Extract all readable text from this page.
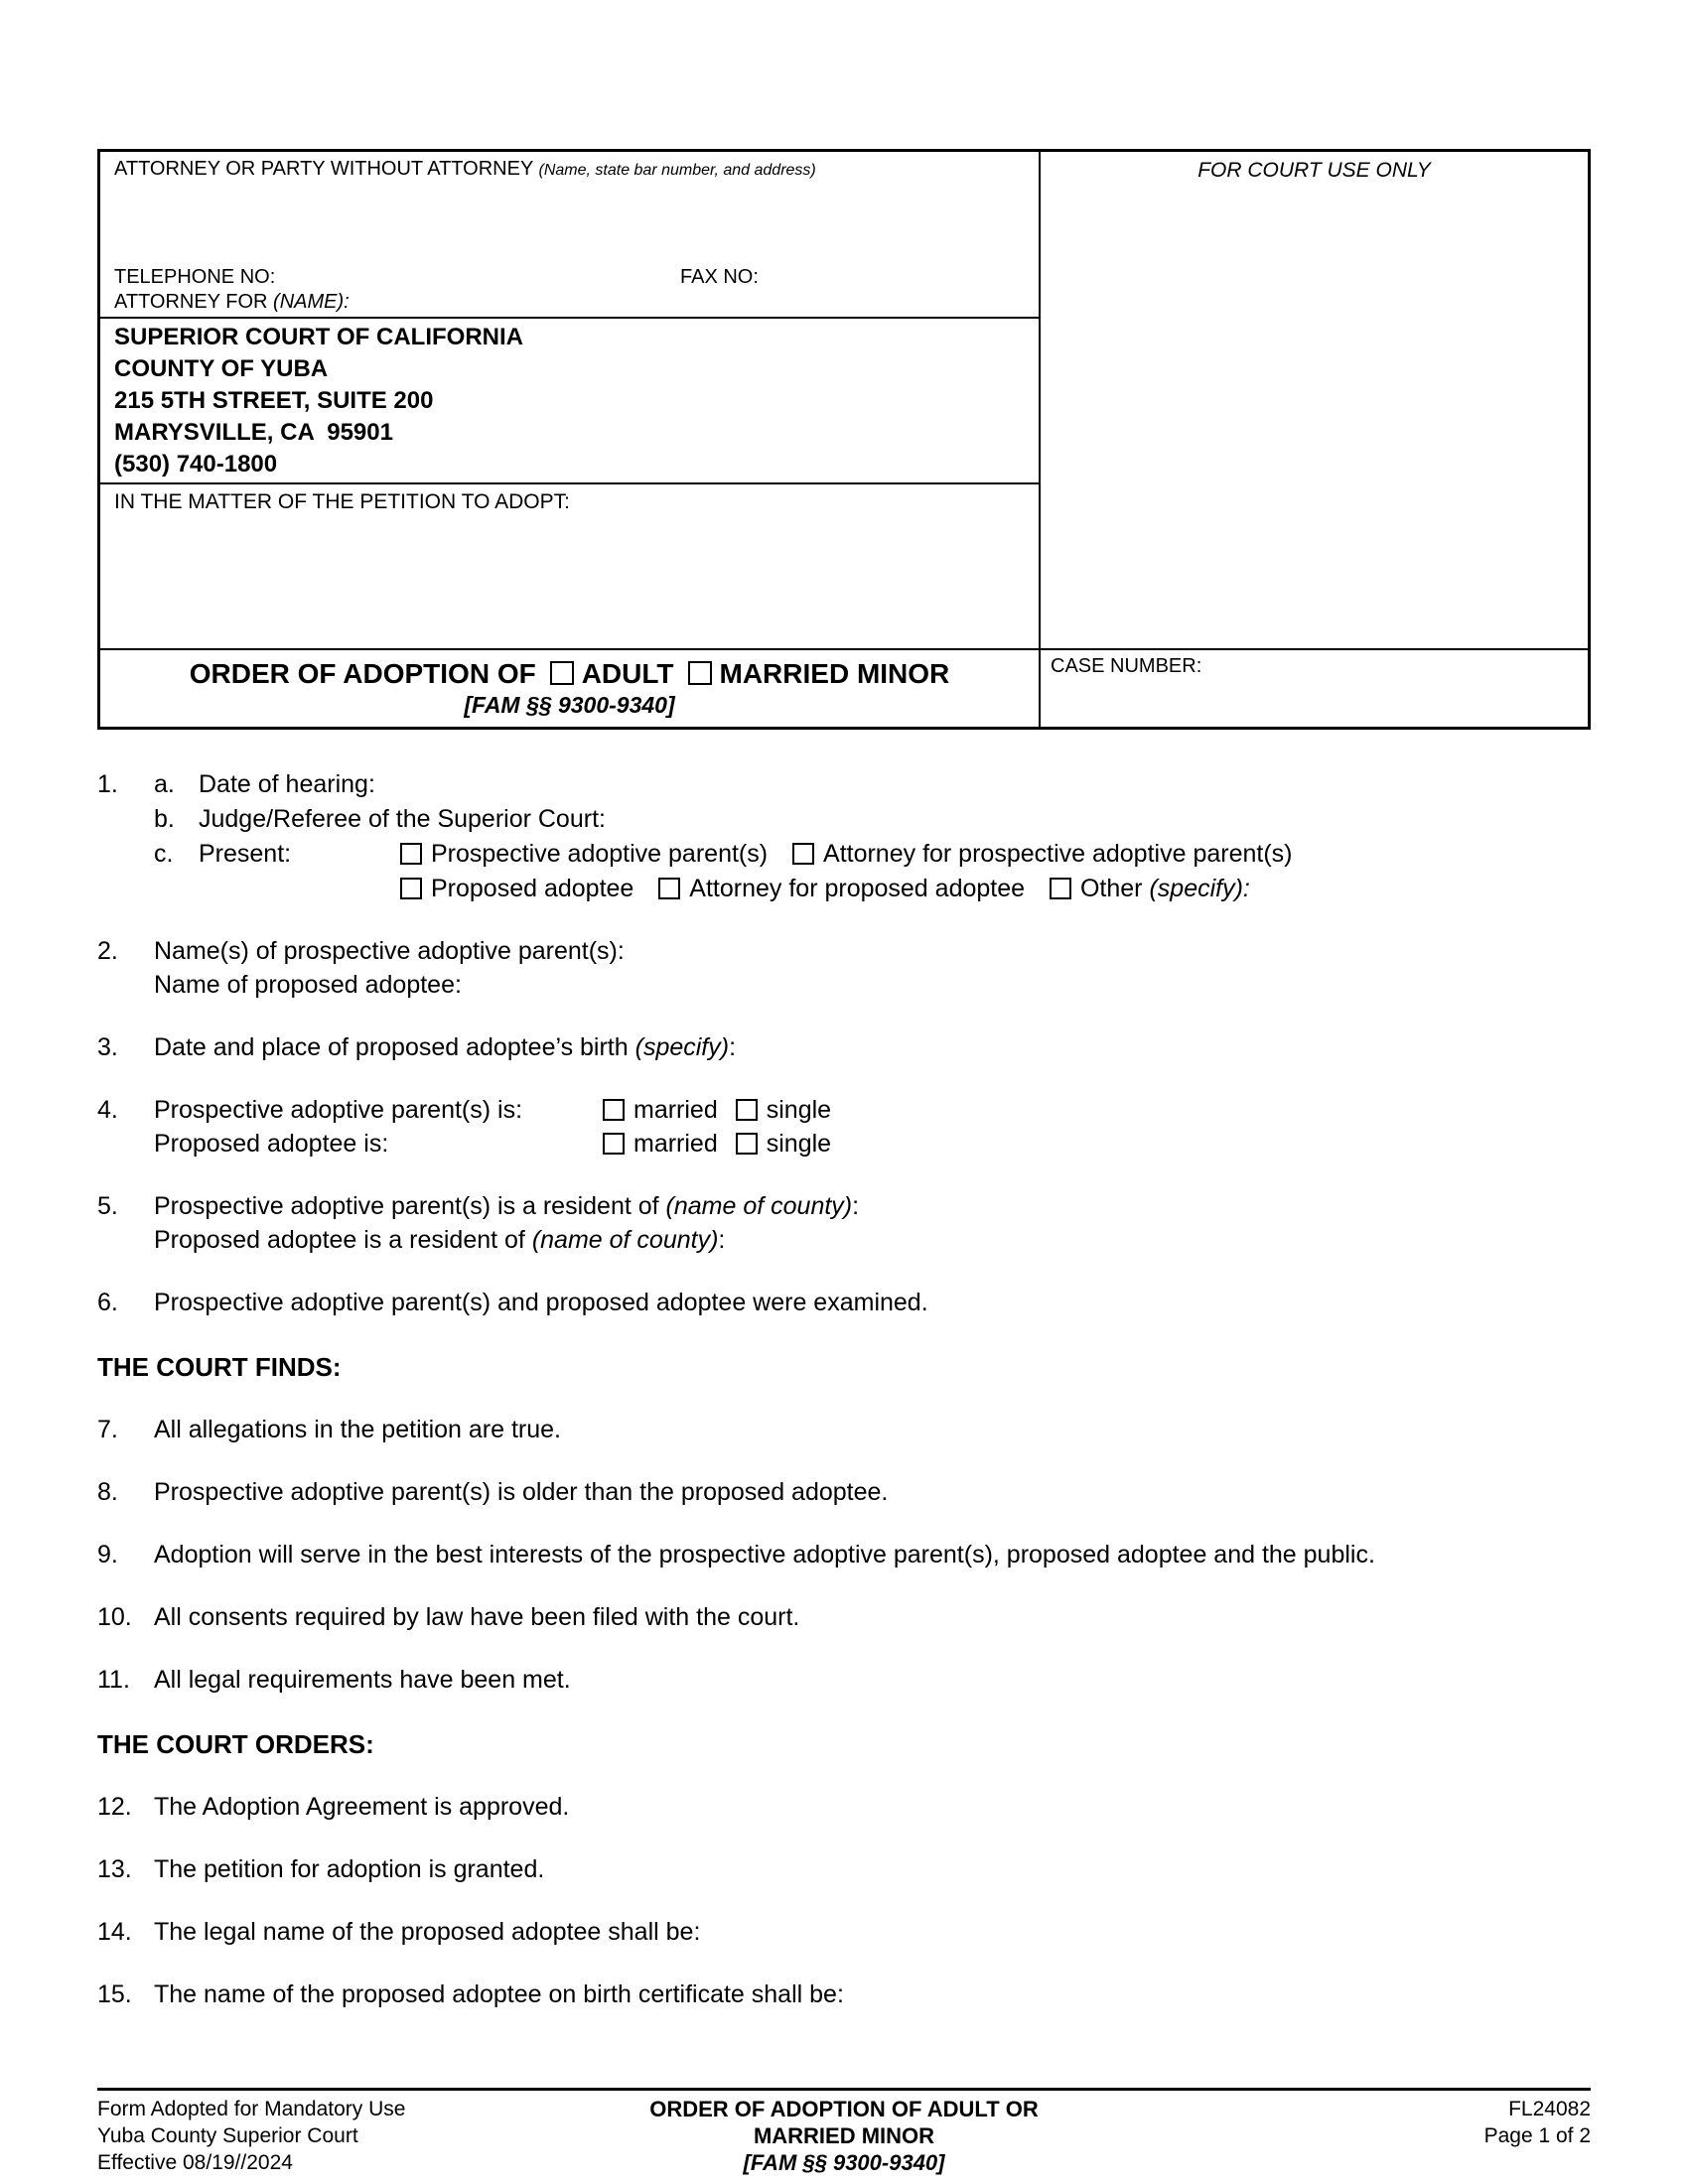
ATTORNEY OR PARTY WITHOUT ATTORNEY (Name, state bar number, and address)
TELEPHONE NO:	FAX NO:
ATTORNEY FOR (NAME):
SUPERIOR COURT OF CALIFORNIA
COUNTY OF YUBA
215 5TH STREET, SUITE 200
MARYSVILLE, CA  95901
(530) 740-1800
IN THE MATTER OF THE PETITION TO ADOPT:
ORDER OF ADOPTION OF ADULT MARRIED MINOR
[FAM §§ 9300-9340]
FOR COURT USE ONLY
CASE NUMBER:
1.	a. Date of hearing:
b. Judge/Referee of the Superior Court:
c.	Present:	Prospective adoptive parent(s) Attorney for prospective adoptive parent(s)
Proposed adoptee Attorney for proposed adoptee Other (specify):
2.	Name(s) of prospective adoptive parent(s):
Name of proposed adoptee:
3.	Date and place of proposed adoptee’s birth (specify):
4.	Prospective adoptive parent(s) is:	married	single
Proposed adoptee is:	married	single
5.	Prospective adoptive parent(s) is a resident of (name of county):
Proposed adoptee is a resident of (name of county):
6.	Prospective adoptive parent(s) and proposed adoptee were examined.
THE COURT FINDS:
7.	All allegations in the petition are true.
8.	Prospective adoptive parent(s) is older than the proposed adoptee.
9.	Adoption will serve in the best interests of the prospective adoptive parent(s), proposed adoptee and the public.
10. All consents required by law have been filed with the court.
11. All legal requirements have been met.
THE COURT ORDERS:
12. The Adoption Agreement is approved.
13. The petition for adoption is granted.
14. The legal name of the proposed adoptee shall be:
15. The name of the proposed adoptee on birth certificate shall be:
Form Adopted for Mandatory Use
Yuba County Superior Court
Effective 08/19//2024
ORDER OF ADOPTION OF ADULT OR
MARRIED MINOR
[FAM §§ 9300-9340]
FL24082
Page 1 of 2
